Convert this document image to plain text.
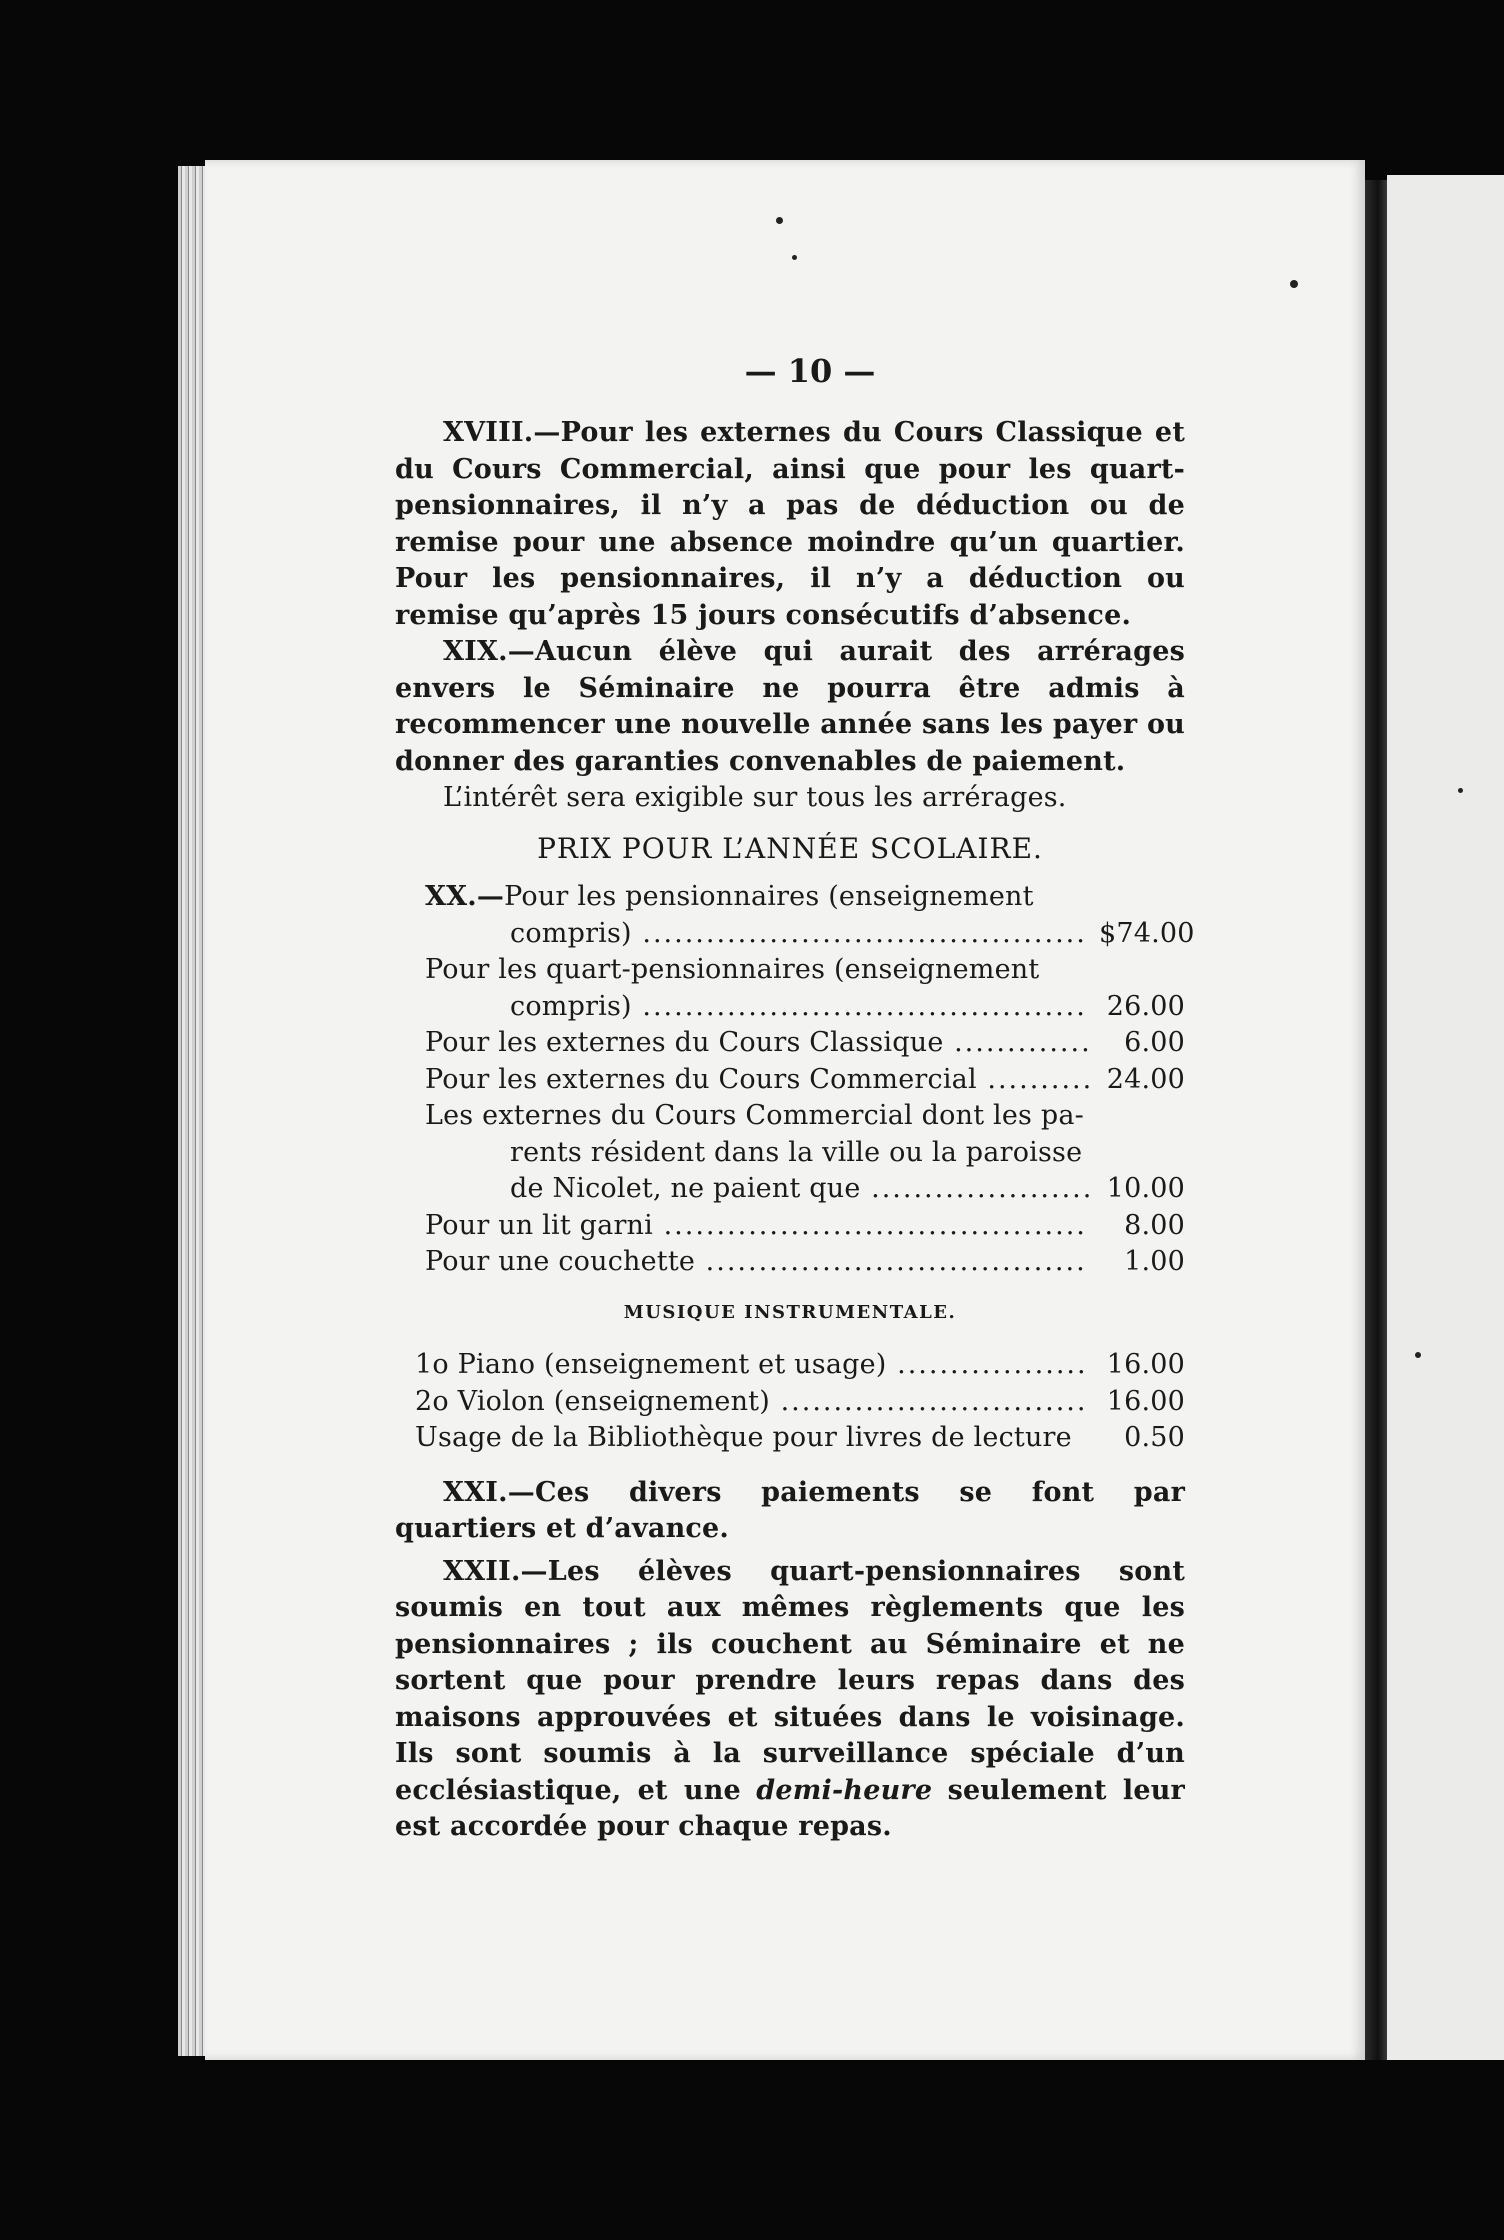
— 10 —

XVIII.—Pour les externes du Cours Classique et du Cours Commercial, ainsi que pour les quart-pensionnaires, il n’y a pas de déduction ou de remise pour une absence moindre qu’un quartier. Pour les pensionnaires, il n’y a déduction ou remise qu’après 15 jours consécutifs d’absence.

XIX.—Aucun élève qui aurait des arrérages envers le Séminaire ne pourra être admis à recommencer une nouvelle année sans les payer ou donner des garanties convenables de paiement.

L’intérêt sera exigible sur tous les arrérages.

PRIX POUR L’ANNÉE SCOLAIRE.
XX.—Pour les pensionnaires (enseignement
compris) .....	$74.00
Pour les quart-pensionnaires (enseignement
compris) .....	26.00
Pour les externes du Cours Classique .....	6.00
Pour les externes du Cours Commercial .....	24.00
Les externes du Cours Commercial dont les pa-
rents résident dans la ville ou la paroisse
de Nicolet, ne paient que .....	10.00
Pour un lit garni .....	8.00
Pour une couchette .....	1.00
MUSIQUE INSTRUMENTALE.
1o Piano (enseignement et usage) .....	16.00
2o Violon (enseignement) .....	16.00
Usage de la Bibliothèque pour livres de lecture	0.50

XXI.—Ces divers paiements se font par quartiers et d’avance.

XXII.—Les élèves quart-pensionnaires sont soumis en tout aux mêmes règlements que les pensionnaires ; ils couchent au Séminaire et ne sortent que pour prendre leurs repas dans des maisons approuvées et situées dans le voisinage. Ils sont soumis à la surveillance spéciale d’un ecclésiastique, et une demi-heure seulement leur est accordée pour chaque repas.
